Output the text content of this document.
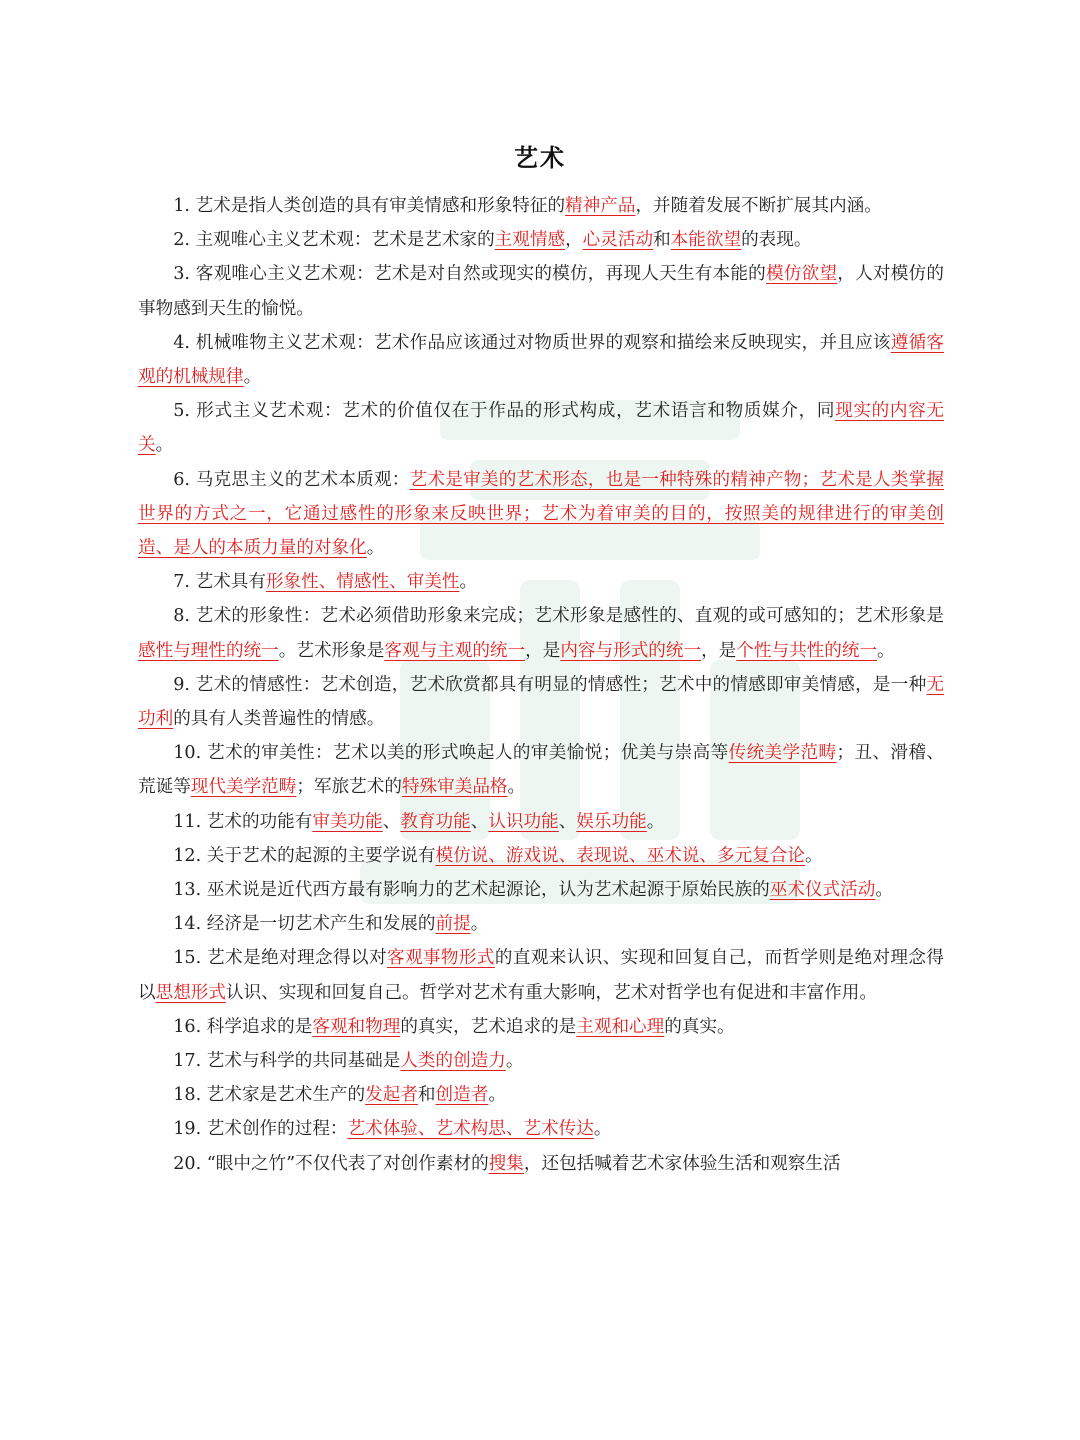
艺术

1. 艺术是指人类创造的具有审美情感和形象特征的精神产品，并随着发展不断扩展其内涵。

2. 主观唯心主义艺术观：艺术是艺术家的主观情感，心灵活动和本能欲望的表现。

3. 客观唯心主义艺术观：艺术是对自然或现实的模仿，再现人天生有本能的模仿欲望，人对模仿的事物感到天生的愉悦。

4. 机械唯物主义艺术观：艺术作品应该通过对物质世界的观察和描绘来反映现实，并且应该遵循客观的机械规律。

5. 形式主义艺术观：艺术的价值仅在于作品的形式构成，艺术语言和物质媒介，同现实的内容无关。

6. 马克思主义的艺术本质观：艺术是审美的艺术形态，也是一种特殊的精神产物；艺术是人类掌握世界的方式之一，它通过感性的形象来反映世界；艺术为着审美的目的，按照美的规律进行的审美创造、是人的本质力量的对象化。

7. 艺术具有形象性、情感性、审美性。

8. 艺术的形象性：艺术必须借助形象来完成；艺术形象是感性的、直观的或可感知的；艺术形象是感性与理性的统一。艺术形象是客观与主观的统一，是内容与形式的统一，是个性与共性的统一。

9. 艺术的情感性：艺术创造，艺术欣赏都具有明显的情感性；艺术中的情感即审美情感，是一种无功利的具有人类普遍性的情感。

10. 艺术的审美性：艺术以美的形式唤起人的审美愉悦；优美与崇高等传统美学范畴；丑、滑稽、荒诞等现代美学范畴；军旅艺术的特殊审美品格。

11. 艺术的功能有审美功能、教育功能、认识功能、娱乐功能。

12. 关于艺术的起源的主要学说有模仿说、游戏说、表现说、巫术说、多元复合论。

13. 巫术说是近代西方最有影响力的艺术起源论，认为艺术起源于原始民族的巫术仪式活动。

14. 经济是一切艺术产生和发展的前提。

15. 艺术是绝对理念得以对客观事物形式的直观来认识、实现和回复自己，而哲学则是绝对理念得以思想形式认识、实现和回复自己。哲学对艺术有重大影响，艺术对哲学也有促进和丰富作用。

16. 科学追求的是客观和物理的真实，艺术追求的是主观和心理的真实。

17. 艺术与科学的共同基础是人类的创造力。

18. 艺术家是艺术生产的发起者和创造者。

19. 艺术创作的过程：艺术体验、艺术构思、艺术传达。

20. “眼中之竹”不仅代表了对创作素材的搜集，还包括喊着艺术家体验生活和观察生活
